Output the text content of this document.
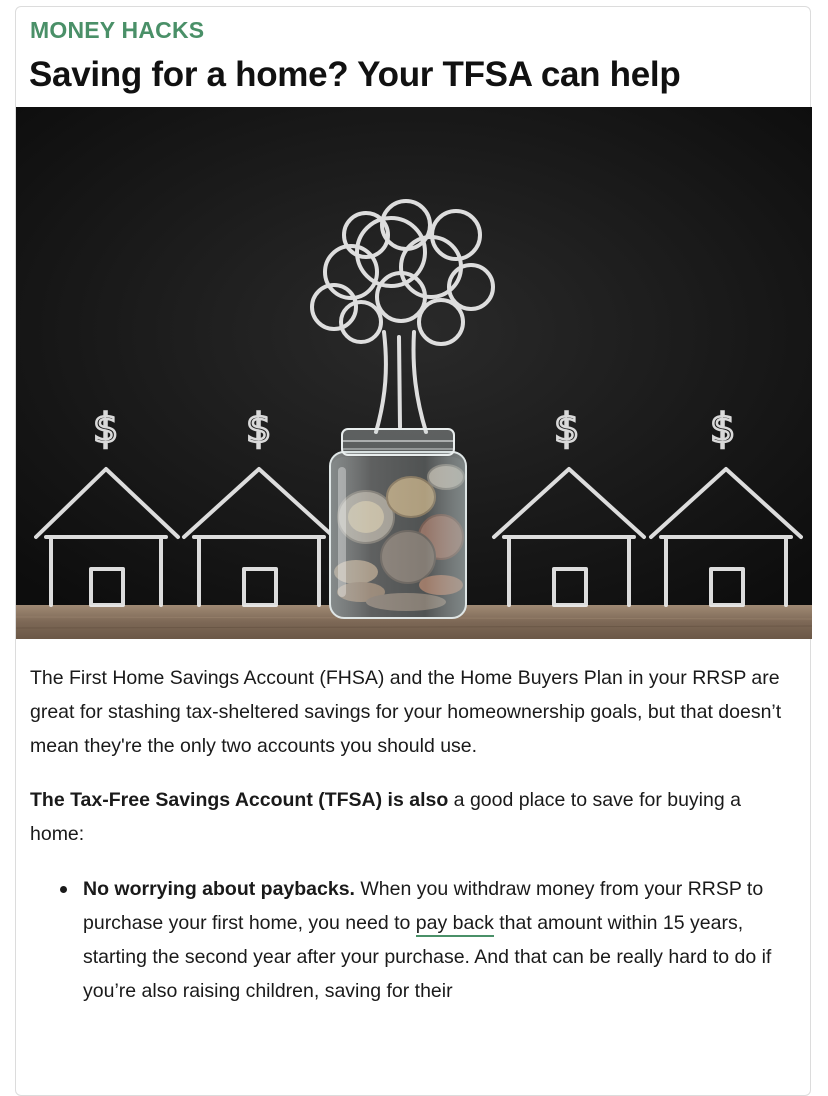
MONEY HACKS
Saving for a home? Your TFSA can help
$	$	$	$

The First Home Savings Account (FHSA) and the Home Buyers Plan in your RRSP are great for stashing tax-sheltered savings for your homeownership goals, but that doesn’t mean they're the only two accounts you should use.

The Tax-Free Savings Account (TFSA) is also a good place to save for buying a home:

No worrying about paybacks. When you withdraw money from your RRSP to purchase your first home, you need to pay back that amount within 15 years, starting the second year after your purchase. And that can be really hard to do if you’re also raising children, saving for their
